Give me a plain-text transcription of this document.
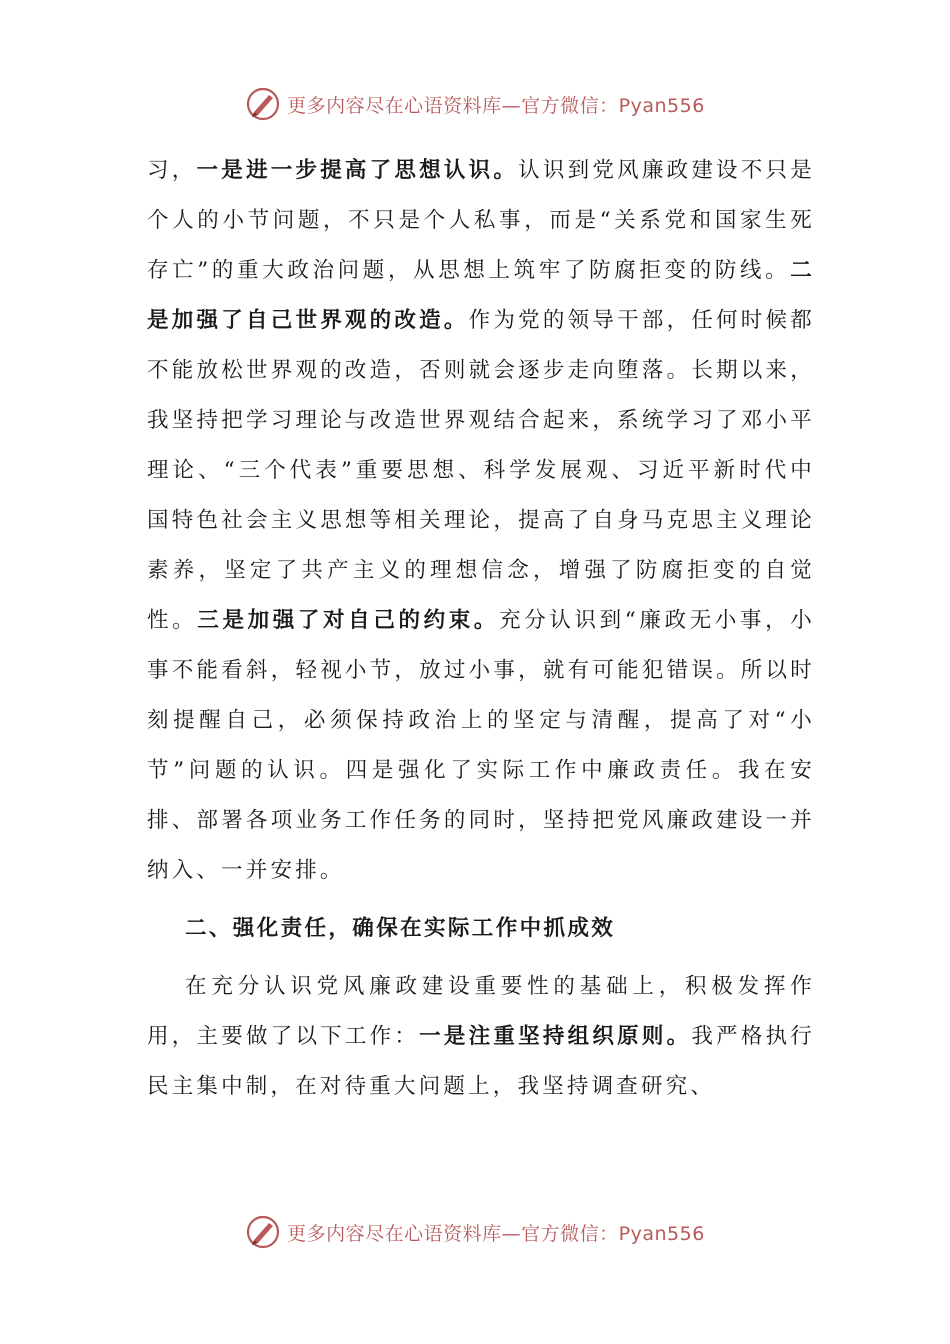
更多内容尽在心语资料库—官方微信：Pyan556

习，一是进一步提高了思想认识。认识到党风廉政建设不只是个人的小节问题，不只是个人私事，而是“关系党和国家生死存亡”的重大政治问题，从思想上筑牢了防腐拒变的防线。二是加强了自己世界观的改造。作为党的领导干部，任何时候都不能放松世界观的改造，否则就会逐步走向堕落。长期以来，我坚持把学习理论与改造世界观结合起来，系统学习了邓小平理论、“三个代表”重要思想、科学发展观、习近平新时代中国特色社会主义思想等相关理论，提高了自身马克思主义理论素养，坚定了共产主义的理想信念，增强了防腐拒变的自觉性。三是加强了对自己的约束。充分认识到“廉政无小事，小事不能看斜，轻视小节，放过小事，就有可能犯错误。所以时刻提醒自己，必须保持政治上的坚定与清醒，提高了对“小节”问题的认识。四是强化了实际工作中廉政责任。我在安排、部署各项业务工作任务的同时，坚持把党风廉政建设一并纳入、一并安排。

二、强化责任，确保在实际工作中抓成效

在充分认识党风廉政建设重要性的基础上，积极发挥作用，主要做了以下工作：一是注重坚持组织原则。我严格执行民主集中制，在对待重大问题上，我坚持调查研究、

更多内容尽在心语资料库—官方微信：Pyan556
